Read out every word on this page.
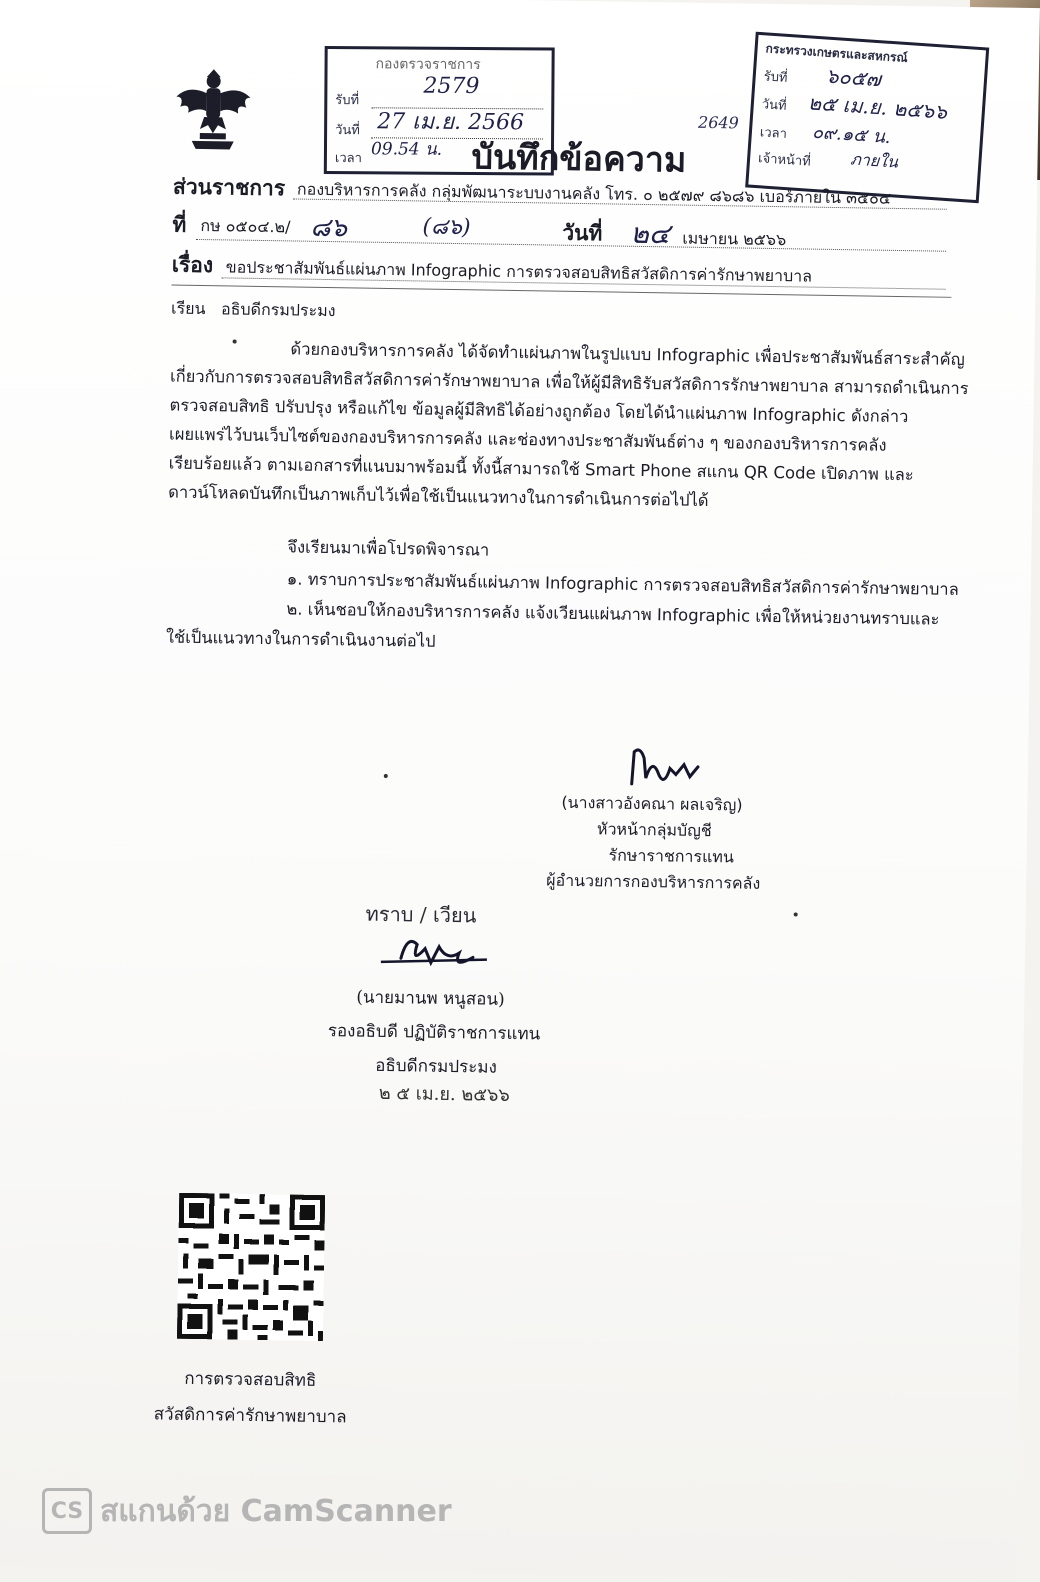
กองตรวจราชการ
รับที่
2579
วันที่ 27 เม.ย. 2566
เวลา 09.54 น. บันทึกข้อความ
กระทรวงเกษตรและสหกรณ์
รับที่ ๖๐๕๗
วันที่ ๒๕ เม.ย. ๒๕๖๖
เวลา ๐๙.๑๕ น.
เจ้าหน้าที่ ภายใน
2649
ส่วนราชการ กองบริหารการคลัง กลุ่มพัฒนาระบบงานคลัง โทร. ๐ ๒๕๗๙ ๘๖๘๖ เบอร์ภายใน ๓๕๐๔
ที่ กษ ๐๕๐๔.๒/ ๘๖	(๘๖)	วันที่ ๒๔ เมษายน ๒๕๖๖
เรื่อง ขอประชาสัมพันธ์แผ่นภาพ Infographic การตรวจสอบสิทธิสวัสดิการค่ารักษาพยาบาล
เรียน อธิบดีกรมประมง
ด้วยกองบริหารการคลัง ได้จัดทำแผ่นภาพในรูปแบบ Infographic เพื่อประชาสัมพันธ์สาระสำคัญ
เกี่ยวกับการตรวจสอบสิทธิสวัสดิการค่ารักษาพยาบาล เพื่อให้ผู้มีสิทธิรับสวัสดิการรักษาพยาบาล สามารถดำเนินการ
ตรวจสอบสิทธิ ปรับปรุง หรือแก้ไข ข้อมูลผู้มีสิทธิได้อย่างถูกต้อง โดยได้นำแผ่นภาพ Infographic ดังกล่าว
เผยแพร่ไว้บนเว็บไซต์ของกองบริหารการคลัง และช่องทางประชาสัมพันธ์ต่าง ๆ ของกองบริหารการคลัง
เรียบร้อยแล้ว ตามเอกสารที่แนบมาพร้อมนี้ ทั้งนี้สามารถใช้ Smart Phone สแกน QR Code เปิดภาพ และ
ดาวน์โหลดบันทึกเป็นภาพเก็บไว้เพื่อใช้เป็นแนวทางในการดำเนินการต่อไปได้
จึงเรียนมาเพื่อโปรดพิจารณา
๑. ทราบการประชาสัมพันธ์แผ่นภาพ Infographic การตรวจสอบสิทธิสวัสดิการค่ารักษาพยาบาล
๒. เห็นชอบให้กองบริหารการคลัง แจ้งเวียนแผ่นภาพ Infographic เพื่อให้หน่วยงานทราบและ
ใช้เป็นแนวทางในการดำเนินงานต่อไป
(นางสาวอังคณา ผลเจริญ)
หัวหน้ากลุ่มบัญชี
รักษาราชการแทน
ผู้อำนวยการกองบริหารการคลัง
ทราบ / เวียน
(นายมานพ หนูสอน)
รองอธิบดี ปฏิบัติราชการแทน
อธิบดีกรมประมง
๒ ๕ เม.ย. ๒๕๖๖
การตรวจสอบสิทธิ
สวัสดิการค่ารักษาพยาบาล
CS สแกนด้วย CamScanner
